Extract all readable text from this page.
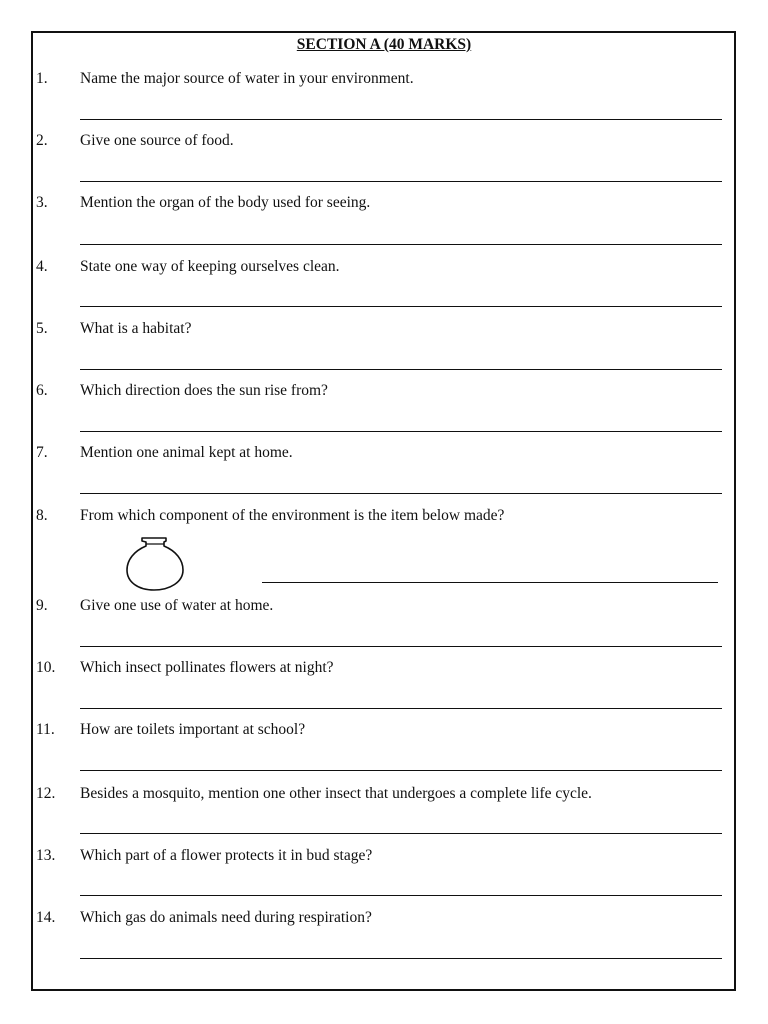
SECTION A (40 MARKS)
1. Name the major source of water in your environment.
2. Give one source of food.
3. Mention the organ of the body used for seeing.
4. State one way of keeping ourselves clean.
5. What is a habitat?
6. Which direction does the sun rise from?
7. Mention one animal kept at home.
8. From which component of the environment is the item below made?
9. Give one use of water at home.
10. Which insect pollinates flowers at night?
11. How are toilets important at school?
12. Besides a mosquito, mention one other insect that undergoes a complete life cycle.
13. Which part of a flower protects it in bud stage?
14. Which gas do animals need during respiration?
